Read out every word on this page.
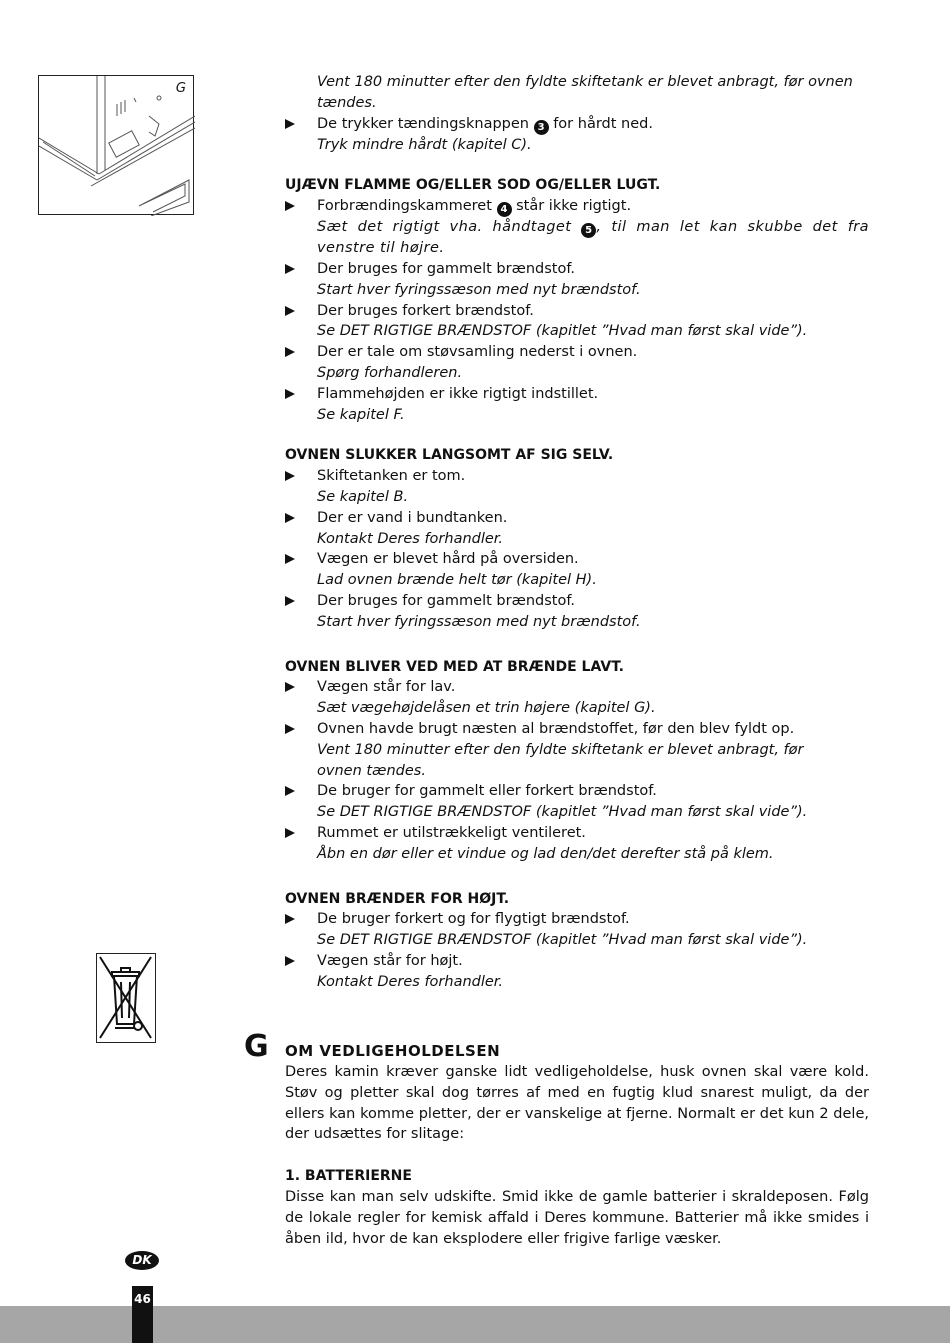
G	Vent 180 minutter efter den fyldte skiftetank er blevet anbragt, før ovnen
tændes.
De trykker tændingsknappen 3 for hårdt ned.
Tryk mindre hårdt (kapitel C).
UJÆVN FLAMME OG/ELLER SOD OG/ELLER LUGT.
Forbrændingskammeret 4 står ikke rigtigt.
Sæt det rigtigt vha. håndtaget 5 , til man let kan skubbe det fra venstre til højre.
Der bruges for gammelt brændstof.
Start hver fyringssæson med nyt brændstof.
Der bruges forkert brændstof.
Se DET RIGTIGE BRÆNDSTOF (kapitlet ”Hvad man først skal vide”).
Der er tale om støvsamling nederst i ovnen.
Spørg forhandleren.
Flammehøjden er ikke rigtigt indstillet.
Se kapitel F.
OVNEN SLUKKER LANGSOMT AF SIG SELV.
Skiftetanken er tom.
Se kapitel B.
Der er vand i bundtanken.
Kontakt Deres forhandler.
Vægen er blevet hård på oversiden.
Lad ovnen brænde helt tør (kapitel H).
Der bruges for gammelt brændstof.
Start hver fyringssæson med nyt brændstof.
OVNEN BLIVER VED MED AT BRÆNDE LAVT.
Vægen står for lav.
Sæt vægehøjdelåsen et trin højere (kapitel G).
Ovnen havde brugt næsten al brændstoffet, før den blev fyldt op.
Vent 180 minutter efter den fyldte skiftetank er blevet anbragt, før
ovnen tændes.
De bruger for gammelt eller forkert brændstof.
Se DET RIGTIGE BRÆNDSTOF (kapitlet ”Hvad man først skal vide”).
Rummet er utilstrækkeligt ventileret.
Åbn en dør eller et vindue og lad den/det derefter stå på klem.
OVNEN BRÆNDER FOR HØJT.
De bruger forkert og for flygtigt brændstof.
Se DET RIGTIGE BRÆNDSTOF (kapitlet ”Hvad man først skal vide”).
Vægen står for højt.
Kontakt Deres forhandler.
G OM VEDLIGEHOLDELSEN
Deres kamin kræver ganske lidt vedligeholdelse, husk ovnen skal være kold. Støv og pletter skal dog tørres af med en fugtig klud snarest muligt, da der ellers kan komme pletter, der er vanskelige at fjerne. Normalt er det kun 2 dele, der udsættes for slitage:
1. BATTERIERNE
Disse kan man selv udskifte. Smid ikke de gamle batterier i skraldeposen. Følg de lokale regler for kemisk affald i Deres kommune. Batterier må ikke smides i åben ild, hvor de kan eksplodere eller frigive farlige væsker.
DK
46
